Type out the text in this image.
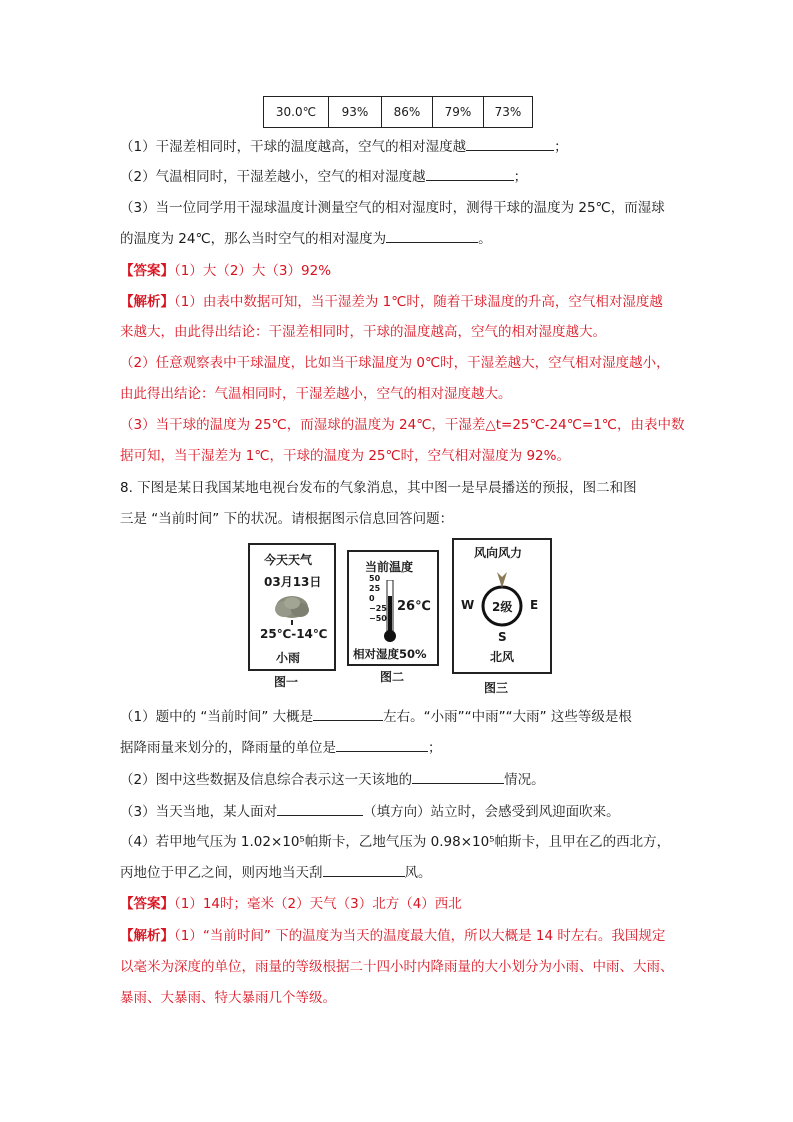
30.0℃	93%	86%	79%	73%
（1）干湿差相同时，干球的温度越高，空气的相对湿度越	；
（2）气温相同时，干湿差越小，空气的相对湿度越	；
（3）当一位同学用干湿球温度计测量空气的相对湿度时，测得干球的温度为 25℃，而湿球
的温度为 24℃，那么当时空气的相对湿度为	。
【答案】（1）大（2）大（3）92%
【解析】（1）由表中数据可知，当干湿差为 1℃时，随着干球温度的升高，空气相对湿度越
来越大，由此得出结论：干湿差相同时，干球的温度越高，空气的相对湿度越大。
（2）任意观察表中干球温度，比如当干球温度为 0℃时，干湿差越大，空气相对湿度越小，
由此得出结论：气温相同时，干湿差越小，空气的相对湿度越大。
（3）当干球的温度为 25℃，而湿球的温度为 24℃，干湿差△t=25℃-24℃=1℃，由表中数
据可知，当干湿差为 1℃，干球的温度为 25℃时，空气相对湿度为 92%。
8. 下图是某日我国某地电视台发布的气象消息，其中图一是早晨播送的预报，图二和图
三是 “当前时间” 下的状况。请根据图示信息回答问题：
今天天气
03月13日
25℃-14℃
小雨
图一
当前温度
50
25
0
−25
−50
26℃
相对湿度50%
图二
风向风力
W	E
2级
S
北风
图三
（1）题中的 “当前时间” 大概是	左右。“小雨”“中雨”“大雨” 这些等级是根
据降雨量来划分的，降雨量的单位是	；
（2）图中这些数据及信息综合表示这一天该地的	情况。
（3）当天当地，某人面对	（填方向）站立时，会感受到风迎面吹来。
（4）若甲地气压为 1.02×10⁵帕斯卡，乙地气压为 0.98×10⁵帕斯卡，且甲在乙的西北方，
丙地位于甲乙之间，则丙地当天刮	风。
【答案】（1）14时；毫米（2）天气（3）北方（4）西北
【解析】（1）“当前时间” 下的温度为当天的温度最大值，所以大概是 14 时左右。我国规定
以毫米为深度的单位，雨量的等级根据二十四小时内降雨量的大小划分为小雨、中雨、大雨、
暴雨、大暴雨、特大暴雨几个等级。
